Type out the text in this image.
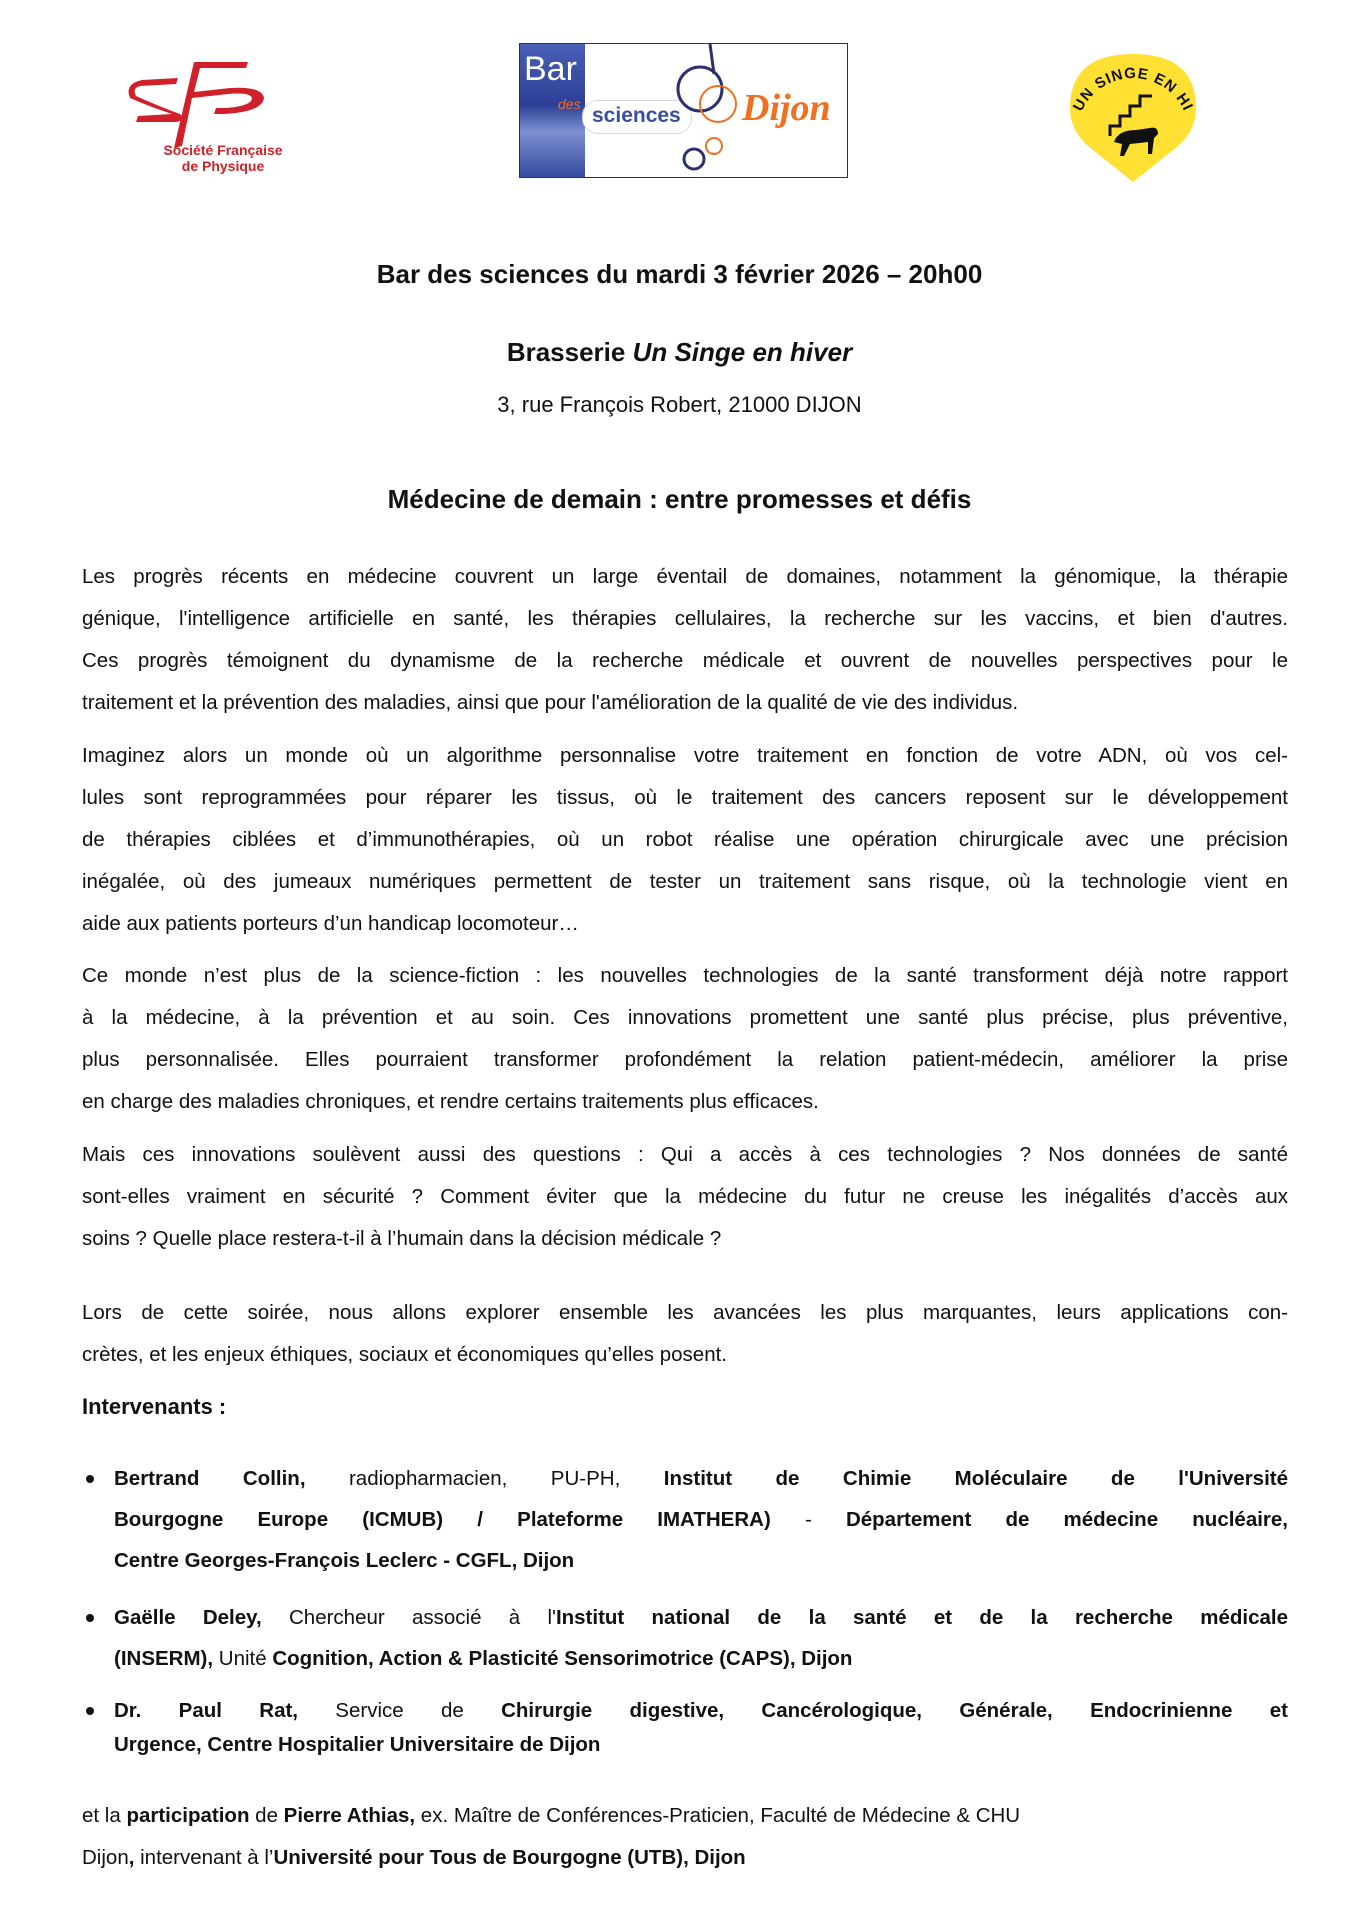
Société Française
de Physique
Bar
des sciences Dijon	UN SINGE EN HI
Bar des sciences du mardi 3 février 2026 – 20h00
Brasserie Un Singe en hiver
3, rue François Robert, 21000 DIJON
Médecine de demain : entre promesses et défis
Les progrès récents en médecine couvrent un large éventail de domaines, notamment la génomique, la thérapie
génique, l'intelligence artificielle en santé, les thérapies cellulaires, la recherche sur les vaccins, et bien d'autres.
Ces progrès témoignent du dynamisme de la recherche médicale et ouvrent de nouvelles perspectives pour le
traitement et la prévention des maladies, ainsi que pour l'amélioration de la qualité de vie des individus.
Imaginez alors un monde où un algorithme personnalise votre traitement en fonction de votre ADN, où vos cel-
lules sont reprogrammées pour réparer les tissus, où le traitement des cancers reposent sur le développement
de thérapies ciblées et d’immunothérapies, où un robot réalise une opération chirurgicale avec une précision
inégalée, où des jumeaux numériques permettent de tester un traitement sans risque, où la technologie vient en
aide aux patients porteurs d’un handicap locomoteur…
Ce monde n’est plus de la science-fiction : les nouvelles technologies de la santé transforment déjà notre rapport
à la médecine, à la prévention et au soin. Ces innovations promettent une santé plus précise, plus préventive,
plus personnalisée. Elles pourraient transformer profondément la relation patient-médecin, améliorer la prise
en charge des maladies chroniques, et rendre certains traitements plus efficaces.
Mais ces innovations soulèvent aussi des questions : Qui a accès à ces technologies ? Nos données de santé
sont-elles vraiment en sécurité ? Comment éviter que la médecine du futur ne creuse les inégalités d’accès aux
soins ? Quelle place restera-t-il à l’humain dans la décision médicale ?
Lors de cette soirée, nous allons explorer ensemble les avancées les plus marquantes, leurs applications con-
crètes, et les enjeux éthiques, sociaux et économiques qu’elles posent.
Intervenants :
Bertrand Collin, radiopharmacien, PU-PH, Institut de Chimie Moléculaire de l'Université
Bourgogne Europe (ICMUB) / Plateforme IMATHERA) - Département de médecine nucléaire,
Centre Georges-François Leclerc - CGFL, Dijon
Gaëlle Deley, Chercheur associé à l'Institut national de la santé et de la recherche médicale
(INSERM), Unité Cognition, Action & Plasticité Sensorimotrice (CAPS), Dijon
Dr. Paul Rat, Service de Chirurgie digestive, Cancérologique, Générale, Endocrinienne et
Urgence, Centre Hospitalier Universitaire de Dijon
et la participation de Pierre Athias, ex. Maître de Conférences-Praticien, Faculté de Médecine & CHU
Dijon, intervenant à l’Université pour Tous de Bourgogne (UTB), Dijon
